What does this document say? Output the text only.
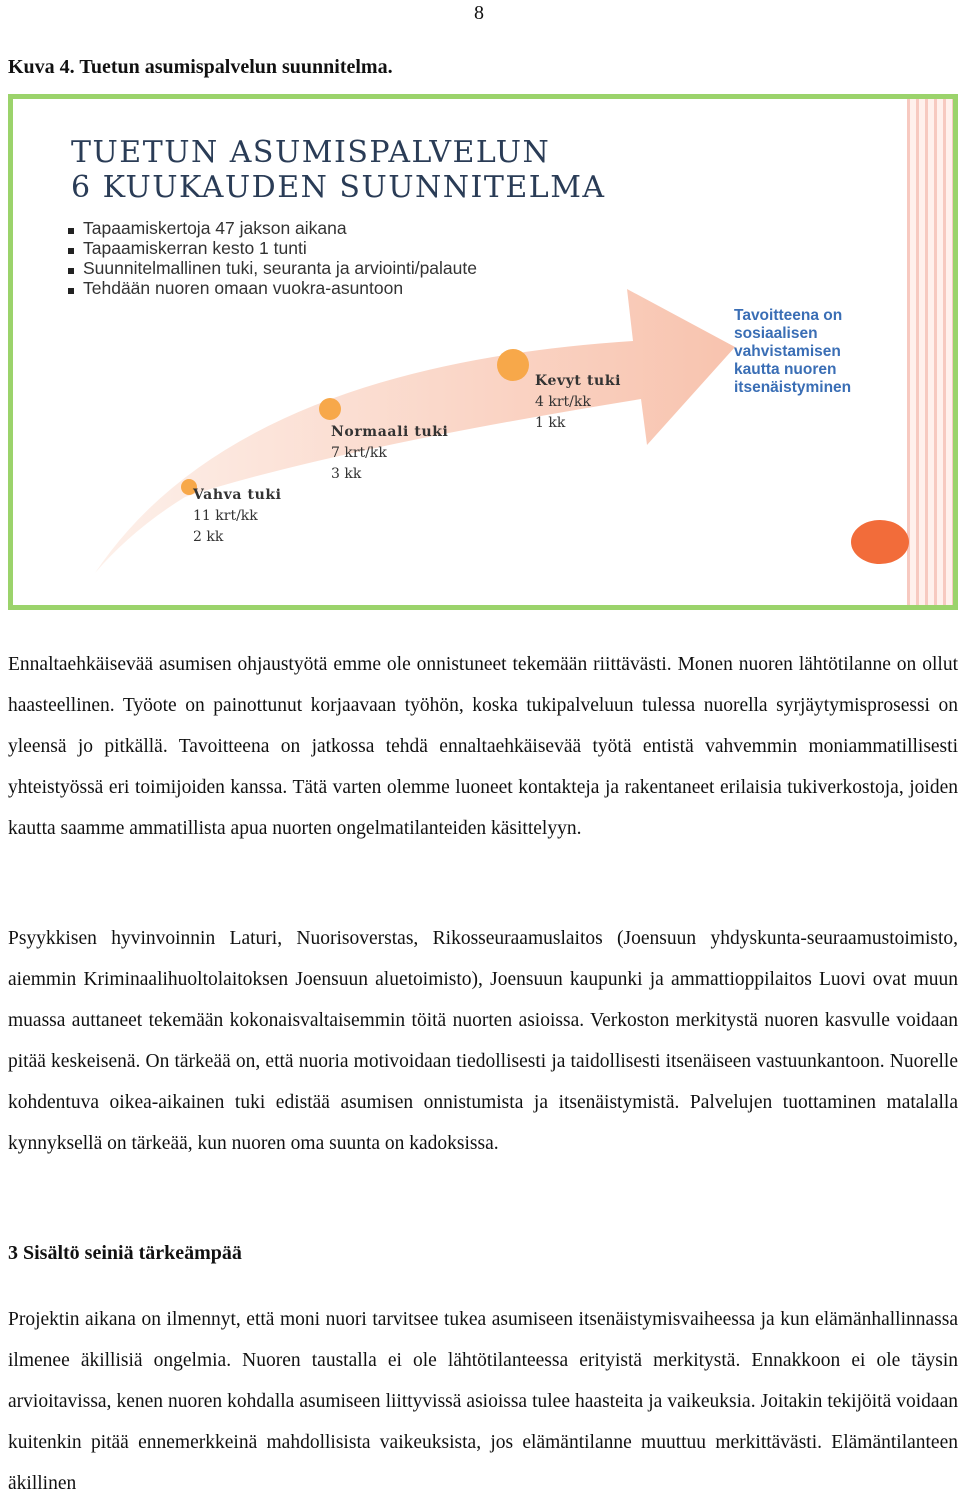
8
Kuva 4. Tuetun asumispalvelun suunnitelma.
TUETUN ASUMISPALVELUN
6 KUUKAUDEN SUUNNITELMA
Tapaamiskertoja 47 jakson aikana
Tapaamiskerran kesto 1 tunti
Suunnitelmallinen tuki, seuranta ja arviointi/palaute
Tehdään nuoren omaan vuokra-asuntoon
Vahva tuki
11 krt/kk
2 kk
Normaali tuki
7 krt/kk
3 kk
Kevyt tuki
4 krt/kk
1 kk
Tavoitteena on
sosiaalisen
vahvistamisen
kautta nuoren
itsenäistyminen

Ennaltaehkäisevää asumisen ohjaustyötä emme ole onnistuneet tekemään riittävästi. Monen nuoren lähtötilanne on ollut haasteellinen. Työote on painottunut korjaavaan työhön, koska tukipalveluun tulessa nuorella syrjäytymisprosessi on yleensä jo pitkällä. Tavoitteena on jatkossa tehdä ennaltaehkäisevää työtä entistä vahvemmin moniammatillisesti yhteistyössä eri toimijoiden kanssa. Tätä varten olemme luoneet kontakteja ja rakentaneet erilaisia tukiverkostoja, joiden kautta saamme ammatillista apua nuorten ongelmatilanteiden käsittelyyn.

Psyykkisen hyvinvoinnin Laturi, Nuorisoverstas, Rikosseuraamuslaitos (Joensuun yhdyskunta-seuraamustoimisto, aiemmin Kriminaalihuoltolaitoksen Joensuun aluetoimisto), Joensuun kaupunki ja ammattioppilaitos Luovi ovat muun muassa auttaneet tekemään kokonaisvaltaisemmin töitä nuorten asioissa. Verkoston merkitystä nuoren kasvulle voidaan pitää keskeisenä. On tärkeää on, että nuoria motivoidaan tiedollisesti ja taidollisesti itsenäiseen vastuunkantoon. Nuorelle kohdentuva oikea-aikainen tuki edistää asumisen onnistumista ja itsenäistymistä. Palvelujen tuottaminen matalalla kynnyksellä on tärkeää, kun nuoren oma suunta on kadoksissa.

3 Sisältö seiniä tärkeämpää

Projektin aikana on ilmennyt, että moni nuori tarvitsee tukea asumiseen itsenäistymisvaiheessa ja kun elämänhallinnassa ilmenee äkillisiä ongelmia. Nuoren taustalla ei ole lähtötilanteessa erityistä merkitystä. Ennakkoon ei ole täysin arvioitavissa, kenen nuoren kohdalla asumiseen liittyvissä asioissa tulee haasteita ja vaikeuksia. Joitakin tekijöitä voidaan kuitenkin pitää ennemerkkeinä mahdollisista vaikeuksista, jos elämäntilanne muuttuu merkittävästi. Elämäntilanteen äkillinen
